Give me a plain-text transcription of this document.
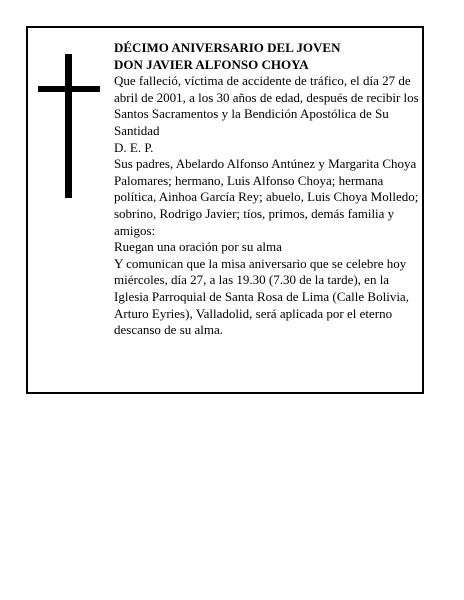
DÉCIMO ANIVERSARIO DEL JOVEN

DON JAVIER ALFONSO CHOYA

Que falleció, víctima de accidente de tráfico, el día 27 de abril de 2001, a los 30 años de edad, después de recibir los Santos Sacramentos y la Bendición Apostólica de Su Santidad

D. E. P.

Sus padres, Abelardo Alfonso Antúnez y Margarita Choya Palomares; hermano, Luis Alfonso Choya; hermana política, Ainhoa García Rey; abuelo, Luis Choya Molledo; sobrino, Rodrigo Javier; tíos, primos, demás familia y amigos:

Ruegan una oración por su alma

Y comunican que la misa aniversario que se celebre hoy miércoles, día 27, a las 19.30 (7.30 de la tarde), en la Iglesia Parroquial de Santa Rosa de Lima (Calle Bolivia, Arturo Eyries), Valladolid, será aplicada por el eterno descanso de su alma.
